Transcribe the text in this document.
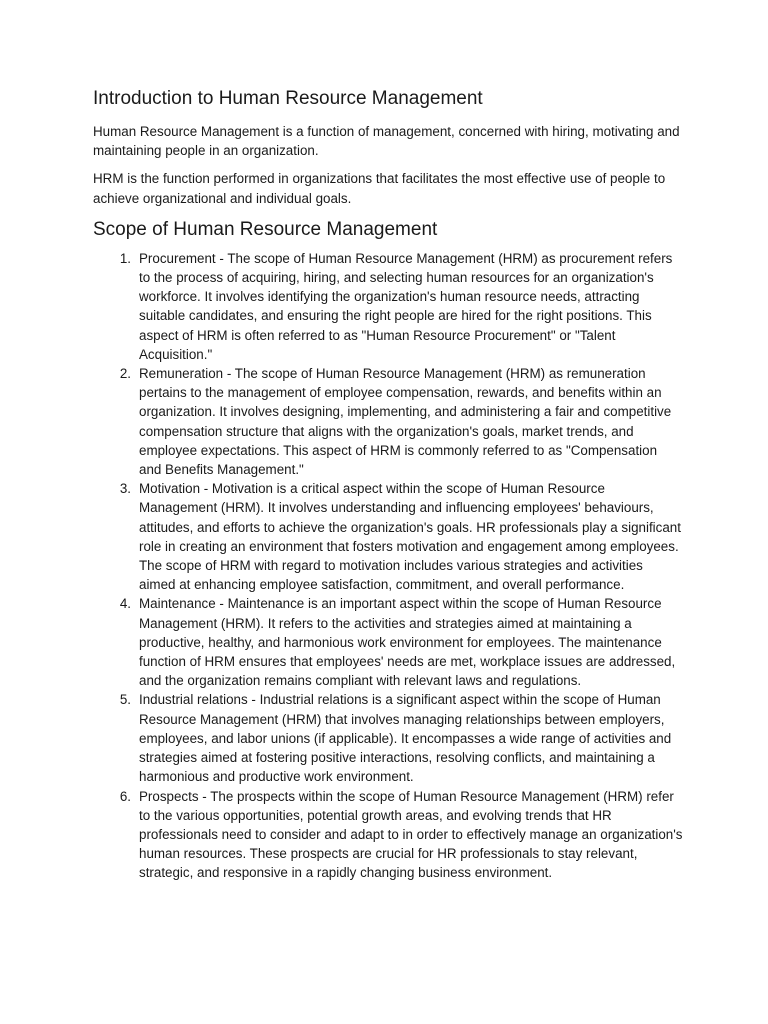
Introduction to Human Resource Management

Human Resource Management is a function of management, concerned with hiring, motivating and maintaining people in an organization.

HRM is the function performed in organizations that facilitates the most effective use of people to achieve organizational and individual goals.

Scope of Human Resource Management
1. Procurement - The scope of Human Resource Management (HRM) as procurement refers to the process of acquiring, hiring, and selecting human resources for an organization's workforce. It involves identifying the organization's human resource needs, attracting suitable candidates, and ensuring the right people are hired for the right positions. This aspect of HRM is often referred to as "Human Resource Procurement" or "Talent Acquisition."
2. Remuneration - The scope of Human Resource Management (HRM) as remuneration pertains to the management of employee compensation, rewards, and benefits within an organization. It involves designing, implementing, and administering a fair and competitive compensation structure that aligns with the organization's goals, market trends, and employee expectations. This aspect of HRM is commonly referred to as "Compensation and Benefits Management."
3. Motivation - Motivation is a critical aspect within the scope of Human Resource Management (HRM). It involves understanding and influencing employees' behaviours, attitudes, and efforts to achieve the organization's goals. HR professionals play a significant role in creating an environment that fosters motivation and engagement among employees. The scope of HRM with regard to motivation includes various strategies and activities aimed at enhancing employee satisfaction, commitment, and overall performance.
4. Maintenance - Maintenance is an important aspect within the scope of Human Resource Management (HRM). It refers to the activities and strategies aimed at maintaining a productive, healthy, and harmonious work environment for employees. The maintenance function of HRM ensures that employees' needs are met, workplace issues are addressed, and the organization remains compliant with relevant laws and regulations.
5. Industrial relations - Industrial relations is a significant aspect within the scope of Human Resource Management (HRM) that involves managing relationships between employers, employees, and labor unions (if applicable). It encompasses a wide range of activities and strategies aimed at fostering positive interactions, resolving conflicts, and maintaining a harmonious and productive work environment.
6. Prospects - The prospects within the scope of Human Resource Management (HRM) refer to the various opportunities, potential growth areas, and evolving trends that HR professionals need to consider and adapt to in order to effectively manage an organization's human resources. These prospects are crucial for HR professionals to stay relevant, strategic, and responsive in a rapidly changing business environment.
